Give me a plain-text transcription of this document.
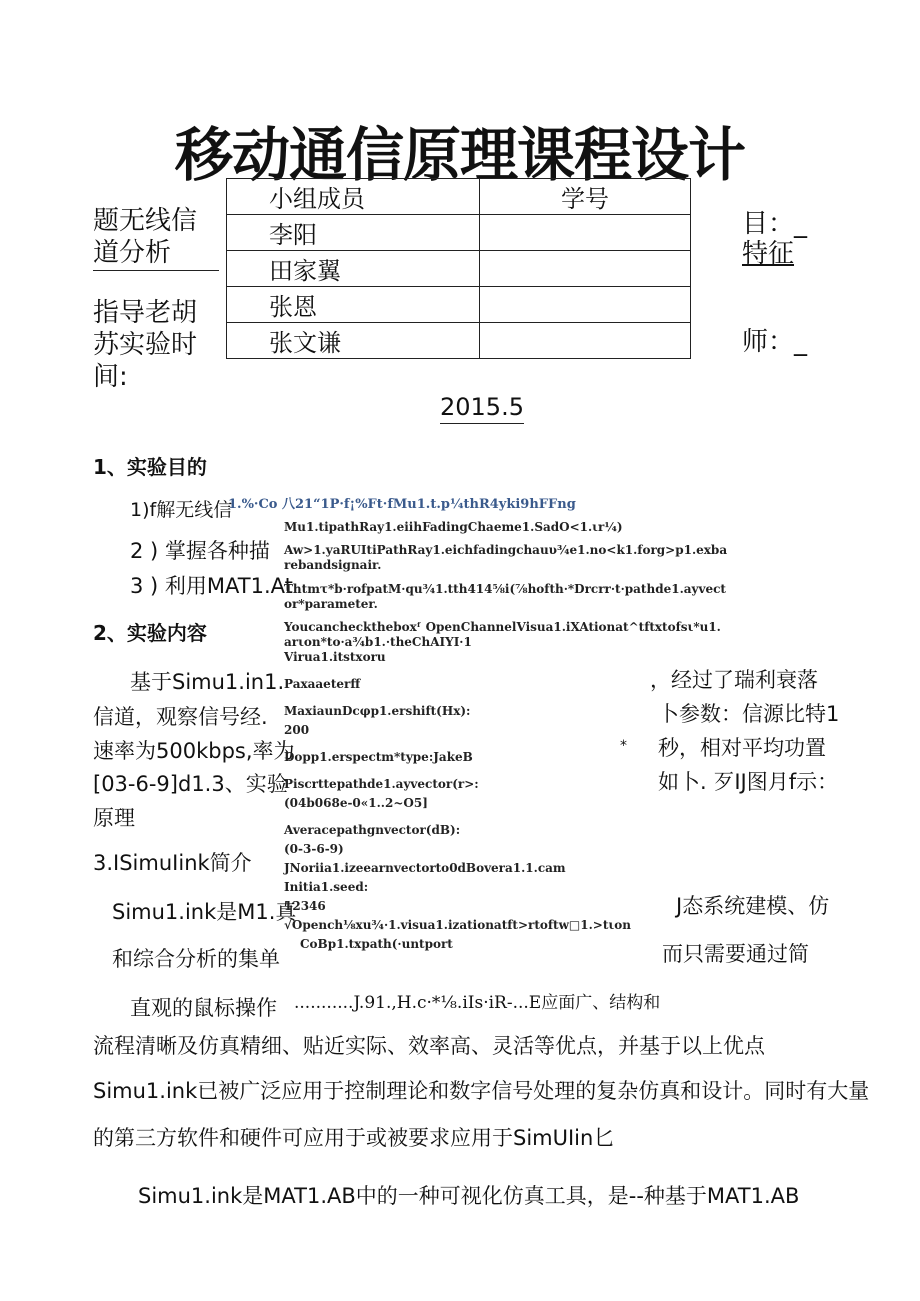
移动通信原理课程设计
小组成员	学号
李阳	
田家翼	
张恩	
张文谦	
题无线信
道分析
指导老胡
苏实验时
间:
目：_
特征
师：_
2015.5
1、实验目的
1)f解无线信
1.%·Co 八21“1P·f¡%Ft·fMu1.t.p¼thR4yki9hFFng
2 ) 掌握各种描
3 ) 利用MAT1.At
2、实验内容
基于Simu1.in1.
信道，观察信号经.
速率为500kbps,率为
[03-6-9]d1.3、实验
原理
，经过了瑞利衰落
卜参数：信源比特1
秒，相对平均功置
如卜. 歹IJ图月f示：
*
3.ISimuIink简介
Simu1.ink是M1.真	J态系统建模、仿
和综合分析的集单	而只需要通过简
直观的鼠标操作 ...........J.91.,H.c·*⅛.iIs·iR-...E应面广、结构和
流程清晰及仿真精细、贴近实际、效率高、灵活等优点，并基于以上优点
Simu1.ink已被广泛应用于控制理论和数字信号处理的复杂仿真和设计。同时有大量
的第三方软件和硬件可应用于或被要求应用于SimUIin匕
Simu1.ink是MAT1.AB中的一种可视化仿真工具，是--种基于MAT1.AB
Mu1.tipathRay1.eiihFadingChaeme1.SadO<1.ιr¼)
Aw>1.yaRUItiPathRay1.eichfadingchauυ¾e1.no<k1.forg>p1.exba
rebandsignair.
Thtmτ*b·rofpatM·qu¾1.tth414⅝i(⅞hofth·*Drcrr·t·pathde1.ayvect
or*parameter.
Youcanchecktheboxᶠ OpenChannelVisua1.iXAtionat^tftxtofsι*u1.
arιon*to·a¾b1.·theChAIYI·1
Virua1.itstxoru
Paxaaeterff
MaxiaunDcφp1.ershift(Hx):
200
Dopp1.erspectm*type:JakeB
Piscrttepathde1.ayvector(r>:
(04b068e-0«1..2~O5]
Averacepathgnvector(dB):
(0-3-6-9)
JNoriia1.izeearnvectorto0dBovera1.1.cam
Initia1.seed:
12346
√Opench⅛xu¾·1.visua1.izationatft>rtoftw□1.>tιon
CoBp1.txpath(·untport
